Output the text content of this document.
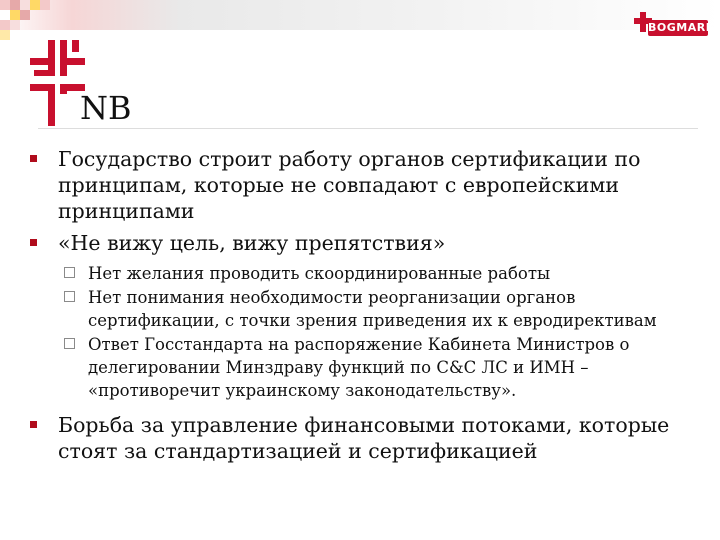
BOGMARK
NB
Государство строит работу органов сертификации по принципам, которые не совпадают с европейскими принципами
«Не вижу цель, вижу препятствия»
Нет желания проводить скоординированные работы
Нет понимания необходимости реорганизации органов сертификации, с точки зрения приведения их к евродирективам
Ответ Госстандарта на распоряжение Кабинета Министров о делегировании Минздраву функций по С&С ЛС и ИМН – «противоречит украинскому законодательству».
Борьба за управление финансовыми потоками, которые стоят за стандартизацией и сертификацией
